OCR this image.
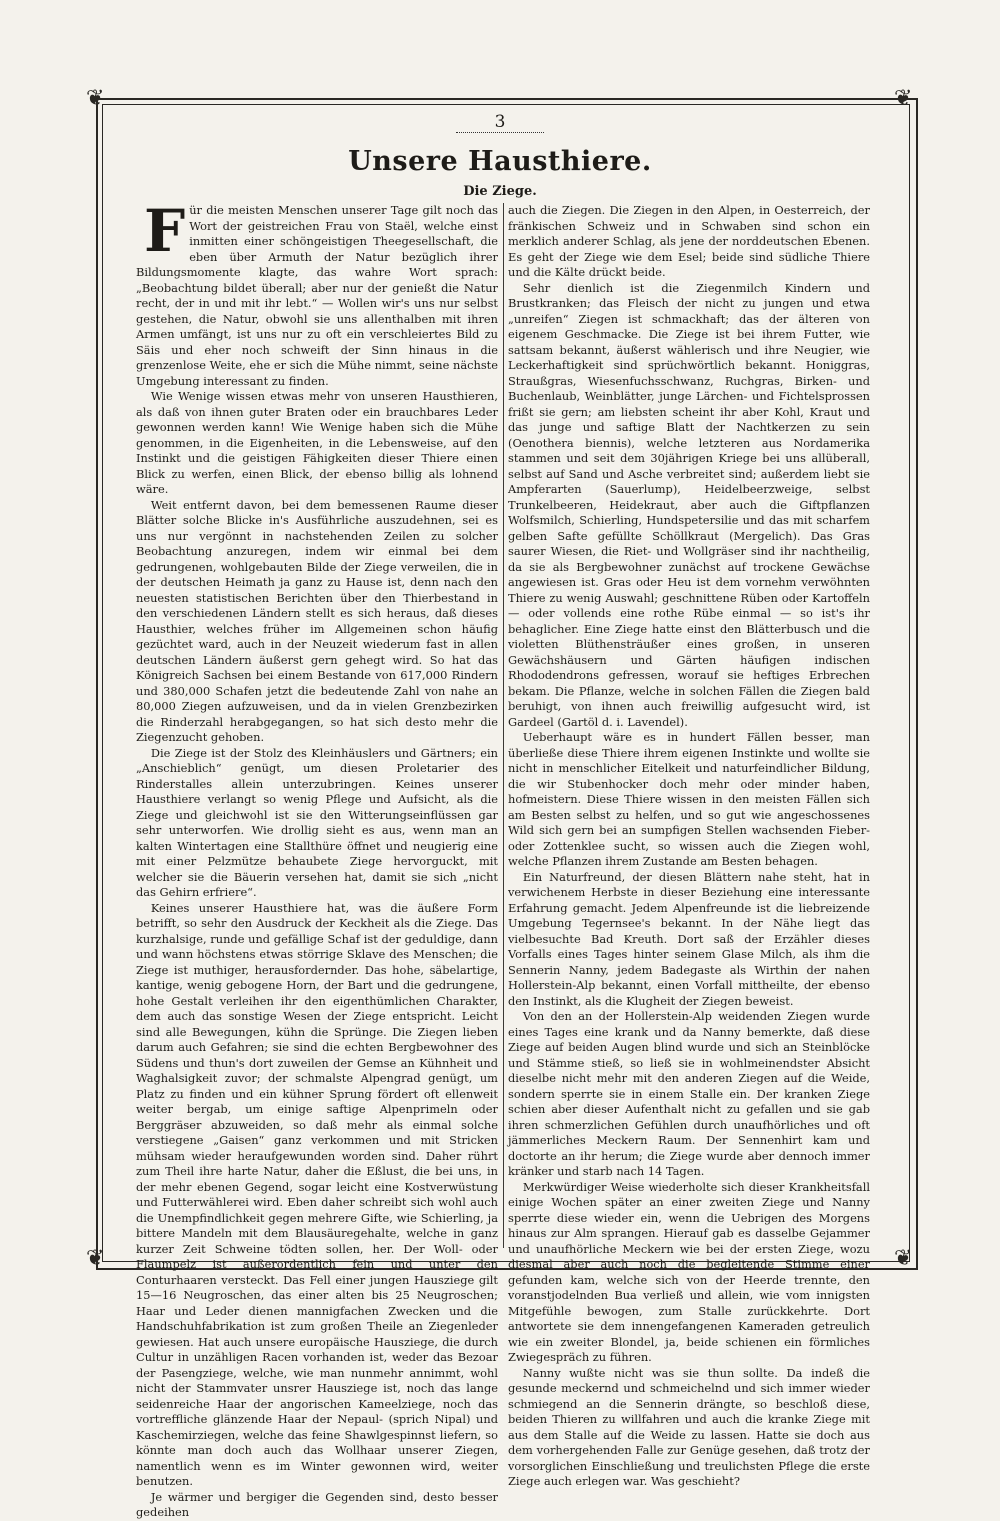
❦	❦
❦	❦
3
Unsere Hausthiere.
Die Ziege.
F ür die meisten Menschen unserer Tage gilt noch das Wort der geistreichen Frau von Staël, welche einst inmitten einer schöngeistigen Theegesellschaft, die eben über Armuth der Natur bezüglich ihrer Bildungsmomente klagte, das wahre Wort sprach: „Beobachtung bildet überall; aber nur der genießt die Natur recht, der in und mit ihr lebt.“ — Wollen wir's uns nur selbst gestehen, die Natur, obwohl sie uns allenthalben mit ihren Armen umfängt, ist uns nur zu oft ein verschleiertes Bild zu Säis und eher noch schweift der Sinn hinaus in die grenzenlose Weite, ehe er sich die Mühe nimmt, seine nächste Umgebung interessant zu finden.

Wie Wenige wissen etwas mehr von unseren Hausthieren, als daß von ihnen guter Braten oder ein brauchbares Leder gewonnen werden kann! Wie Wenige haben sich die Mühe genommen, in die Eigenheiten, in die Lebensweise, auf den Instinkt und die geistigen Fähigkeiten dieser Thiere einen Blick zu werfen, einen Blick, der ebenso billig als lohnend wäre.

Weit entfernt davon, bei dem bemessenen Raume dieser Blätter solche Blicke in's Ausführliche auszudehnen, sei es uns nur vergönnt in nachstehenden Zeilen zu solcher Beobachtung anzuregen, indem wir einmal bei dem gedrungenen, wohlgebauten Bilde der Ziege verweilen, die in der deutschen Heimath ja ganz zu Hause ist, denn nach den neuesten statistischen Berichten über den Thierbestand in den verschiedenen Ländern stellt es sich heraus, daß dieses Hausthier, welches früher im Allgemeinen schon häufig gezüchtet ward, auch in der Neuzeit wiederum fast in allen deutschen Ländern äußerst gern gehegt wird. So hat das Königreich Sachsen bei einem Bestande von 617,000 Rindern und 380,000 Schafen jetzt die bedeutende Zahl von nahe an 80,000 Ziegen aufzuweisen, und da in vielen Grenzbezirken die Rinderzahl herabgegangen, so hat sich desto mehr die Ziegenzucht gehoben.

Die Ziege ist der Stolz des Kleinhäuslers und Gärtners; ein „Anschieblich“ genügt, um diesen Proletarier des Rinderstalles allein unterzubringen. Keines unserer Hausthiere verlangt so wenig Pflege und Aufsicht, als die Ziege und gleichwohl ist sie den Witterungseinflüssen gar sehr unterworfen. Wie drollig sieht es aus, wenn man an kalten Wintertagen eine Stallthüre öffnet und neugierig eine mit einer Pelzmütze behaubete Ziege hervorguckt, mit welcher sie die Bäuerin versehen hat, damit sie sich „nicht das Gehirn erfriere“.

Keines unserer Hausthiere hat, was die äußere Form betrifft, so sehr den Ausdruck der Keckheit als die Ziege. Das kurzhalsige, runde und gefällige Schaf ist der geduldige, dann und wann höchstens etwas störrige Sklave des Menschen; die Ziege ist muthiger, herausfordernder. Das hohe, säbelartige, kantige, wenig gebogene Horn, der Bart und die gedrungene, hohe Gestalt verleihen ihr den eigenthümlichen Charakter, dem auch das sonstige Wesen der Ziege entspricht. Leicht sind alle Bewegungen, kühn die Sprünge. Die Ziegen lieben darum auch Gefahren; sie sind die echten Bergbewohner des Südens und thun's dort zuweilen der Gemse an Kühnheit und Waghalsigkeit zuvor; der schmalste Alpengrad genügt, um Platz zu finden und ein kühner Sprung fördert oft ellenweit weiter bergab, um einige saftige Alpenprimeln oder Berggräser abzuweiden, so daß mehr als einmal solche verstiegene „Gaisen“ ganz verkommen und mit Stricken mühsam wieder heraufgewunden worden sind. Daher rührt zum Theil ihre harte Natur, daher die Eßlust, die bei uns, in der mehr ebenen Gegend, sogar leicht eine Kostverwüstung und Futterwählerei wird. Eben daher schreibt sich wohl auch die Unempfindlichkeit gegen mehrere Gifte, wie Schierling, ja bittere Mandeln mit dem Blausäuregehalte, welche in ganz kurzer Zeit Schweine tödten sollen, her. Der Woll- oder Flaumpelz ist außerordentlich fein und unter den Conturhaaren versteckt. Das Fell einer jungen Hausziege gilt 15—16 Neugroschen, das einer alten bis 25 Neugroschen; Haar und Leder dienen mannigfachen Zwecken und die Handschuhfabrikation ist zum großen Theile an Ziegenleder gewiesen. Hat auch unsere europäische Hausziege, die durch Cultur in unzähligen Racen vorhanden ist, weder das Bezoar der Pasengziege, welche, wie man nunmehr annimmt, wohl nicht der Stammvater unsrer Hausziege ist, noch das lange seidenreiche Haar der angorischen Kameelziege, noch das vortreffliche glänzende Haar der Nepaul- (sprich Nipal) und Kaschemirziegen, welche das feine Shawlgespinnst liefern, so könnte man doch auch das Wollhaar unserer Ziegen, namentlich wenn es im Winter gewonnen wird, weiter benutzen.

Je wärmer und bergiger die Gegenden sind, desto besser gedeihen

auch die Ziegen. Die Ziegen in den Alpen, in Oesterreich, der fränkischen Schweiz und in Schwaben sind schon ein merklich anderer Schlag, als jene der norddeutschen Ebenen. Es geht der Ziege wie dem Esel; beide sind südliche Thiere und die Kälte drückt beide.

Sehr dienlich ist die Ziegenmilch Kindern und Brustkranken; das Fleisch der nicht zu jungen und etwa „unreifen“ Ziegen ist schmackhaft; das der älteren von eigenem Geschmacke. Die Ziege ist bei ihrem Futter, wie sattsam bekannt, äußerst wählerisch und ihre Neugier, wie Leckerhaftigkeit sind sprüchwörtlich bekannt. Honiggras, Straußgras, Wiesenfuchsschwanz, Ruchgras, Birken- und Buchenlaub, Weinblätter, junge Lärchen- und Fichtelsprossen frißt sie gern; am liebsten scheint ihr aber Kohl, Kraut und das junge und saftige Blatt der Nachtkerzen zu sein (Oenothera biennis), welche letzteren aus Nordamerika stammen und seit dem 30jährigen Kriege bei uns allüberall, selbst auf Sand und Asche verbreitet sind; außerdem liebt sie Ampferarten (Sauerlump), Heidelbeerzweige, selbst Trunkelbeeren, Heidekraut, aber auch die Giftpflanzen Wolfsmilch, Schierling, Hundspetersilie und das mit scharfem gelben Safte gefüllte Schöllkraut (Mergelich). Das Gras saurer Wiesen, die Riet- und Wollgräser sind ihr nachtheilig, da sie als Bergbewohner zunächst auf trockene Gewächse angewiesen ist. Gras oder Heu ist dem vornehm verwöhnten Thiere zu wenig Auswahl; geschnittene Rüben oder Kartoffeln — oder vollends eine rothe Rübe einmal — so ist's ihr behaglicher. Eine Ziege hatte einst den Blätterbusch und die violetten Blüthensträußer eines großen, in unseren Gewächshäusern und Gärten häufigen indischen Rhododendrons gefressen, worauf sie heftiges Erbrechen bekam. Die Pflanze, welche in solchen Fällen die Ziegen bald beruhigt, von ihnen auch freiwillig aufgesucht wird, ist Gardeel (Gartöl d. i. Lavendel).

Ueberhaupt wäre es in hundert Fällen besser, man überließe diese Thiere ihrem eigenen Instinkte und wollte sie nicht in menschlicher Eitelkeit und naturfeindlicher Bildung, die wir Stubenhocker doch mehr oder minder haben, hofmeistern. Diese Thiere wissen in den meisten Fällen sich am Besten selbst zu helfen, und so gut wie angeschossenes Wild sich gern bei an sumpfigen Stellen wachsenden Fieber- oder Zottenklee sucht, so wissen auch die Ziegen wohl, welche Pflanzen ihrem Zustande am Besten behagen.

Ein Naturfreund, der diesen Blättern nahe steht, hat in verwichenem Herbste in dieser Beziehung eine interessante Erfahrung gemacht. Jedem Alpenfreunde ist die liebreizende Umgebung Tegernsee's bekannt. In der Nähe liegt das vielbesuchte Bad Kreuth. Dort saß der Erzähler dieses Vorfalls eines Tages hinter seinem Glase Milch, als ihm die Sennerin Nanny, jedem Badegaste als Wirthin der nahen Hollerstein-Alp bekannt, einen Vorfall mittheilte, der ebenso den Instinkt, als die Klugheit der Ziegen beweist.

Von den an der Hollerstein-Alp weidenden Ziegen wurde eines Tages eine krank und da Nanny bemerkte, daß diese Ziege auf beiden Augen blind wurde und sich an Steinblöcke und Stämme stieß, so ließ sie in wohlmeinendster Absicht dieselbe nicht mehr mit den anderen Ziegen auf die Weide, sondern sperrte sie in einem Stalle ein. Der kranken Ziege schien aber dieser Aufenthalt nicht zu gefallen und sie gab ihren schmerzlichen Gefühlen durch unaufhörliches und oft jämmerliches Meckern Raum. Der Sennenhirt kam und doctorte an ihr herum; die Ziege wurde aber dennoch immer kränker und starb nach 14 Tagen.

Merkwürdiger Weise wiederholte sich dieser Krankheitsfall einige Wochen später an einer zweiten Ziege und Nanny sperrte diese wieder ein, wenn die Uebrigen des Morgens hinaus zur Alm sprangen. Hierauf gab es dasselbe Gejammer und unaufhörliche Meckern wie bei der ersten Ziege, wozu diesmal aber auch noch die begleitende Stimme einer gefunden kam, welche sich von der Heerde trennte, den voranstjodelnden Bua verließ und allein, wie vom innigsten Mitgefühle bewogen, zum Stalle zurückkehrte. Dort antwortete sie dem innengefangenen Kameraden getreulich wie ein zweiter Blondel, ja, beide schienen ein förmliches Zwiegespräch zu führen.

Nanny wußte nicht was sie thun sollte. Da indeß die gesunde meckernd und schmeichelnd und sich immer wieder schmiegend an die Sennerin drängte, so beschloß diese, beiden Thieren zu willfahren und auch die kranke Ziege mit aus dem Stalle auf die Weide zu lassen. Hatte sie doch aus dem vorhergehenden Falle zur Genüge gesehen, daß trotz der vorsorglichen Einschließung und treulichsten Pflege die erste Ziege auch erlegen war. Was geschieht?
